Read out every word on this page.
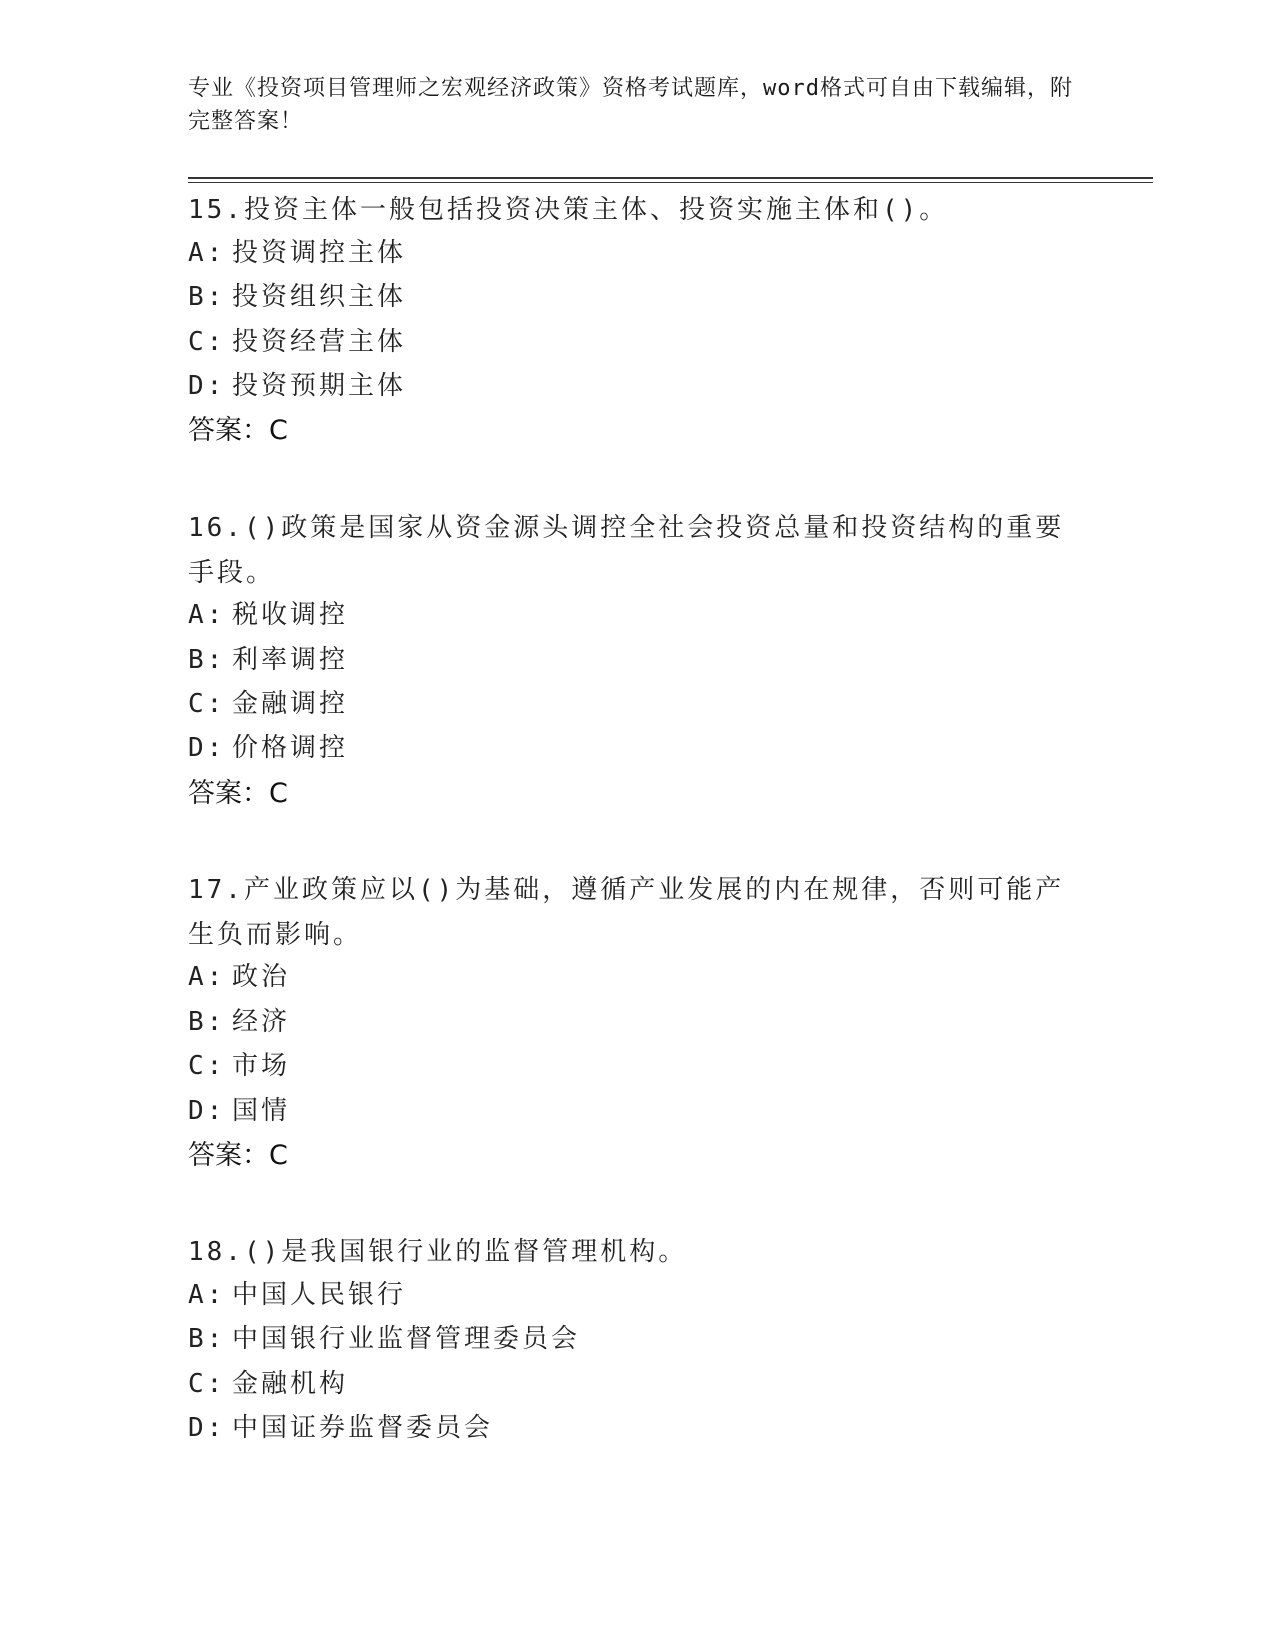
专业《投资项目管理师之宏观经济政策》资格考试题库，word格式可自由下载编辑，附完整答案！
15.投资主体一般包括投资决策主体、投资实施主体和()。
A: 投资调控主体
B: 投资组织主体
C: 投资经营主体
D: 投资预期主体
答案：C
16.()政策是国家从资金源头调控全社会投资总量和投资结构的重要手段。
A: 税收调控
B: 利率调控
C: 金融调控
D: 价格调控
答案：C
17.产业政策应以()为基础，遵循产业发展的内在规律，否则可能产生负而影响。
A: 政治
B: 经济
C: 市场
D: 国情
答案：C
18.()是我国银行业的监督管理机构。
A: 中国人民银行
B: 中国银行业监督管理委员会
C: 金融机构
D: 中国证券监督委员会
